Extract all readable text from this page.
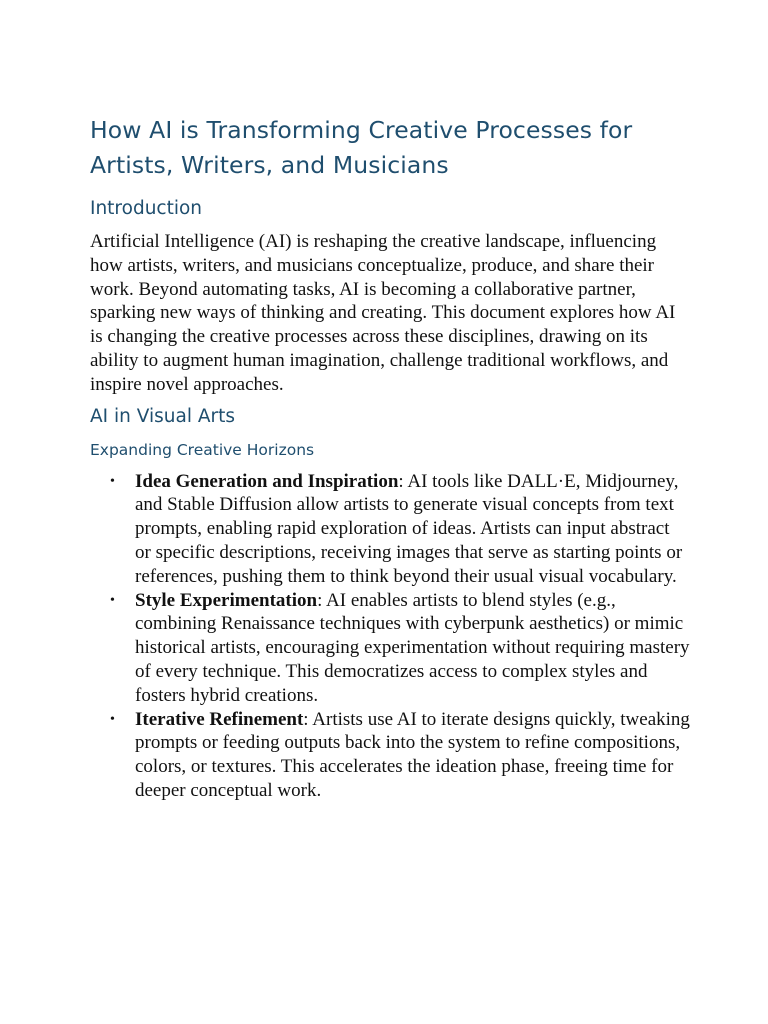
How AI is Transforming Creative Processes for Artists, Writers, and Musicians
Introduction

Artificial Intelligence (AI) is reshaping the creative landscape, influencing how artists, writers, and musicians conceptualize, produce, and share their work. Beyond automating tasks, AI is becoming a collaborative partner, sparking new ways of thinking and creating. This document explores how AI is changing the creative processes across these disciplines, drawing on its ability to augment human imagination, challenge traditional workflows, and inspire novel approaches.

AI in Visual Arts
Expanding Creative Horizons
• Idea Generation and Inspiration: AI tools like DALL·E, Midjourney, and Stable Diffusion allow artists to generate visual concepts from text prompts, enabling rapid exploration of ideas. Artists can input abstract or specific descriptions, receiving images that serve as starting points or references, pushing them to think beyond their usual visual vocabulary.
• Style Experimentation: AI enables artists to blend styles (e.g., combining Renaissance techniques with cyberpunk aesthetics) or mimic historical artists, encouraging experimentation without requiring mastery of every technique. This democratizes access to complex styles and fosters hybrid creations.
• Iterative Refinement: Artists use AI to iterate designs quickly, tweaking prompts or feeding outputs back into the system to refine compositions, colors, or textures. This accelerates the ideation phase, freeing time for deeper conceptual work.
